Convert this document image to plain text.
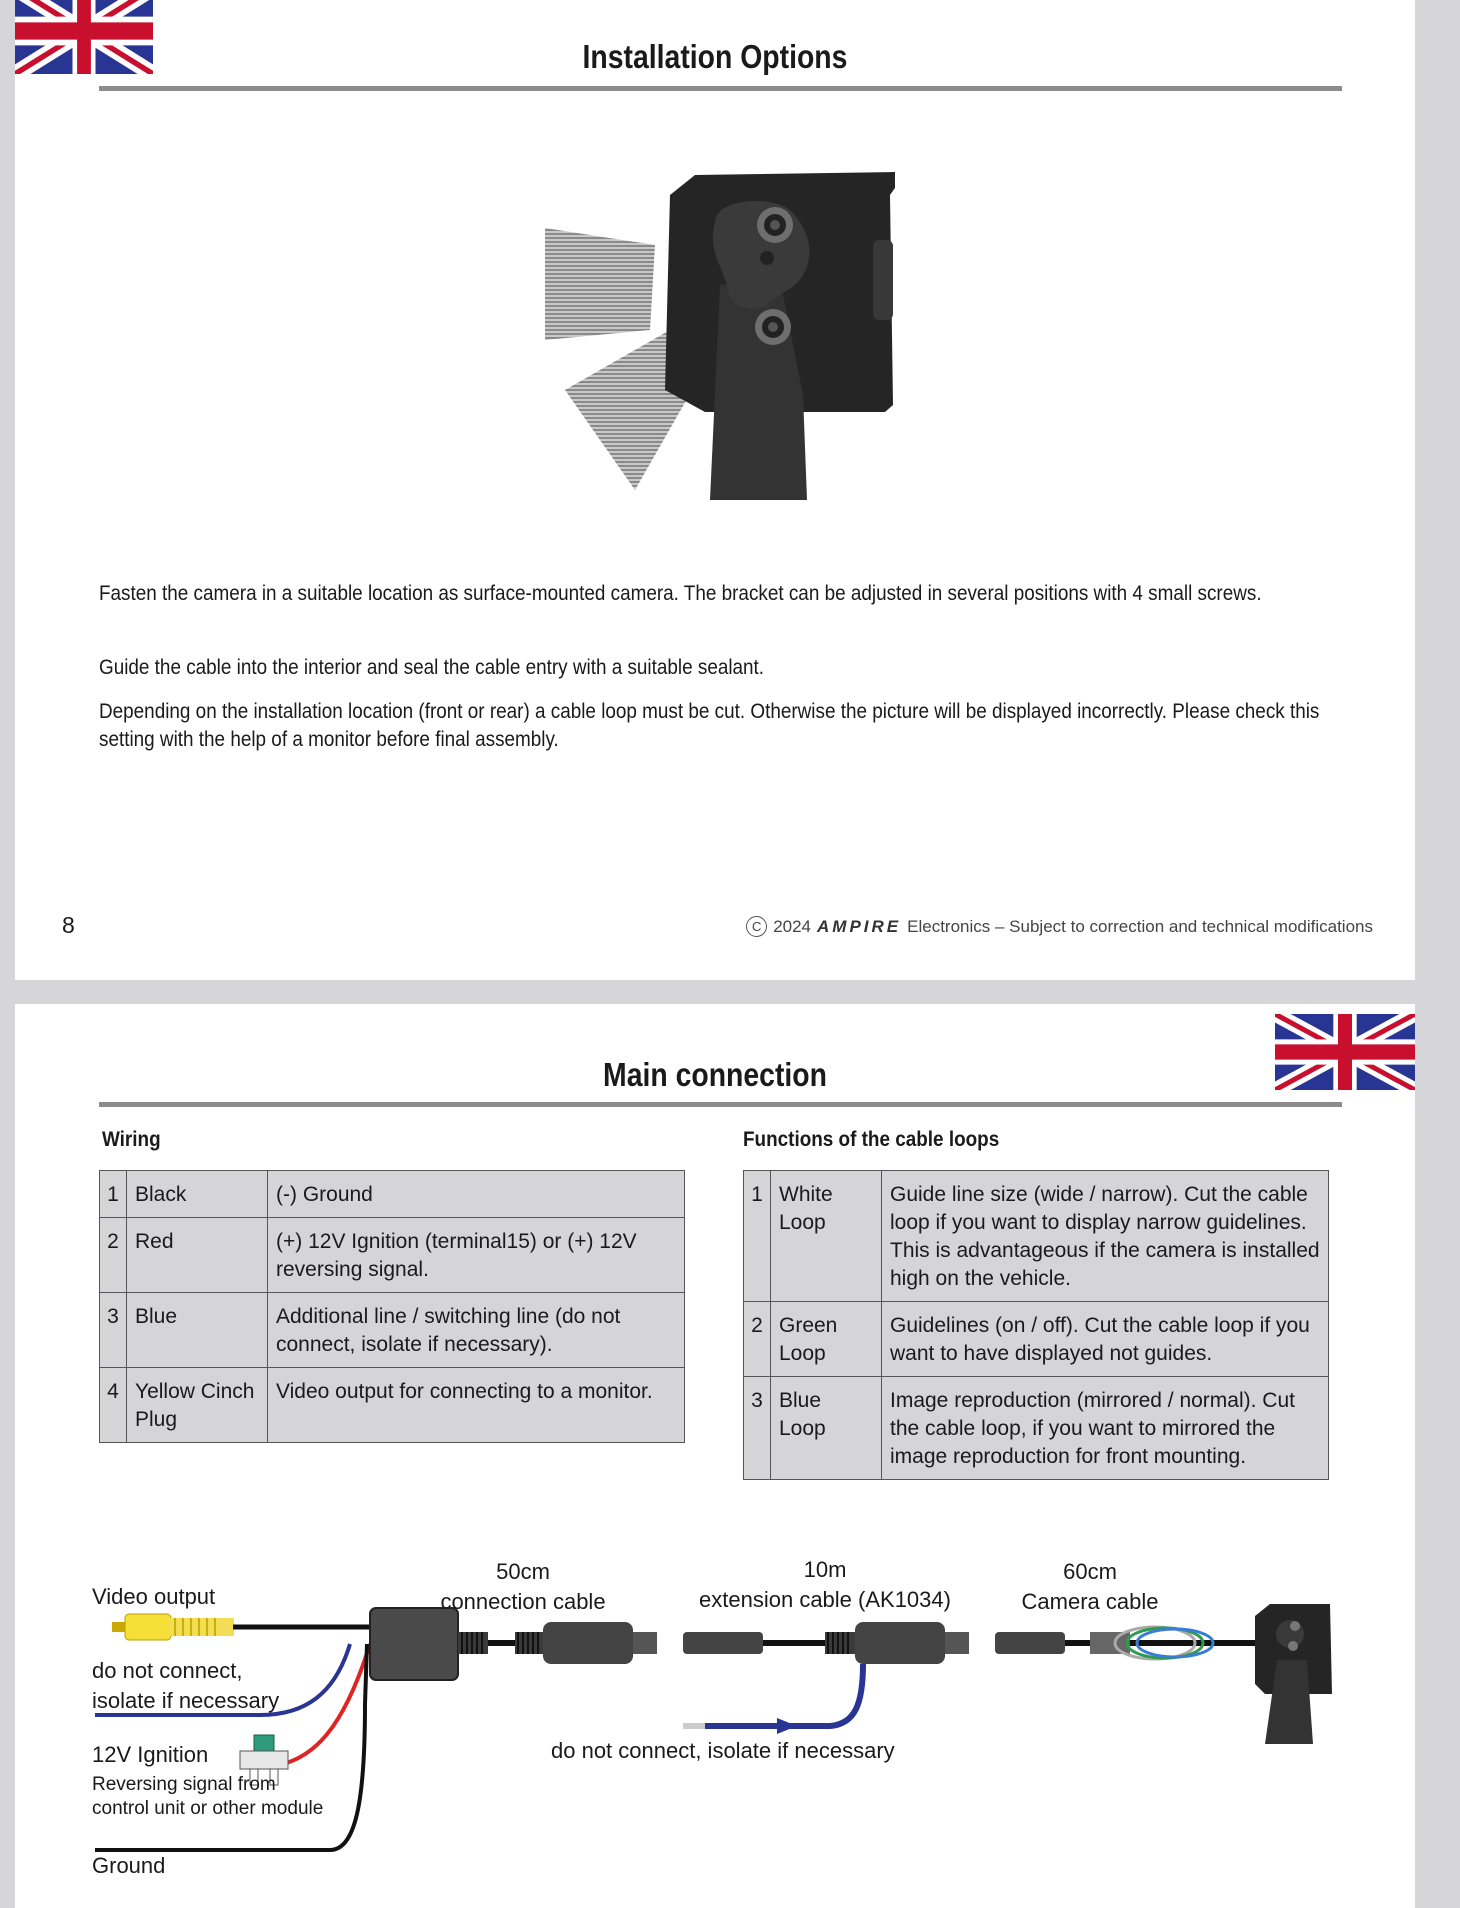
Installation Options
Fasten the camera in a suitable location as surface-mounted camera. The bracket can be adjusted in several positions with 4 small screws.
Guide the cable into the interior and seal the cable entry with a suitable sealant.
Depending on the installation location (front or rear) a cable loop must be cut. Otherwise the picture will be displayed incorrectly. Please check this setting with the help of a monitor before final assembly.
8	C 2024 AMPIRE Electronics – Subject to correction and technical modifications
Main connection
Wiring	Functions of the cable loops
1	Black	(-) Ground
2	Red	(+) 12V Ignition (terminal15) or (+) 12V reversing signal.
3	Blue	Additional line / switching line (do not connect, isolate if necessary).
4	Yellow Cinch Plug	Video output for connecting to a monitor.
1	White Loop	Guide line size (wide / narrow). Cut the cable loop if you want to display narrow guidelines. This is advantageous if the camera is installed high on the vehicle.
2	Green Loop	Guidelines (on / off). Cut the cable loop if you want to have displayed not guides.
3	Blue Loop	Image reproduction (mirrored / normal). Cut the cable loop, if you want to mirrored the image reproduction for front mounting.
Video output
do not connect, isolate if necessary
12V Ignition
Reversing signal from control unit or other module
Ground
50cm
connection cable
10m
extension cable (AK1034)
60cm
Camera cable
do not connect, isolate if necessary
